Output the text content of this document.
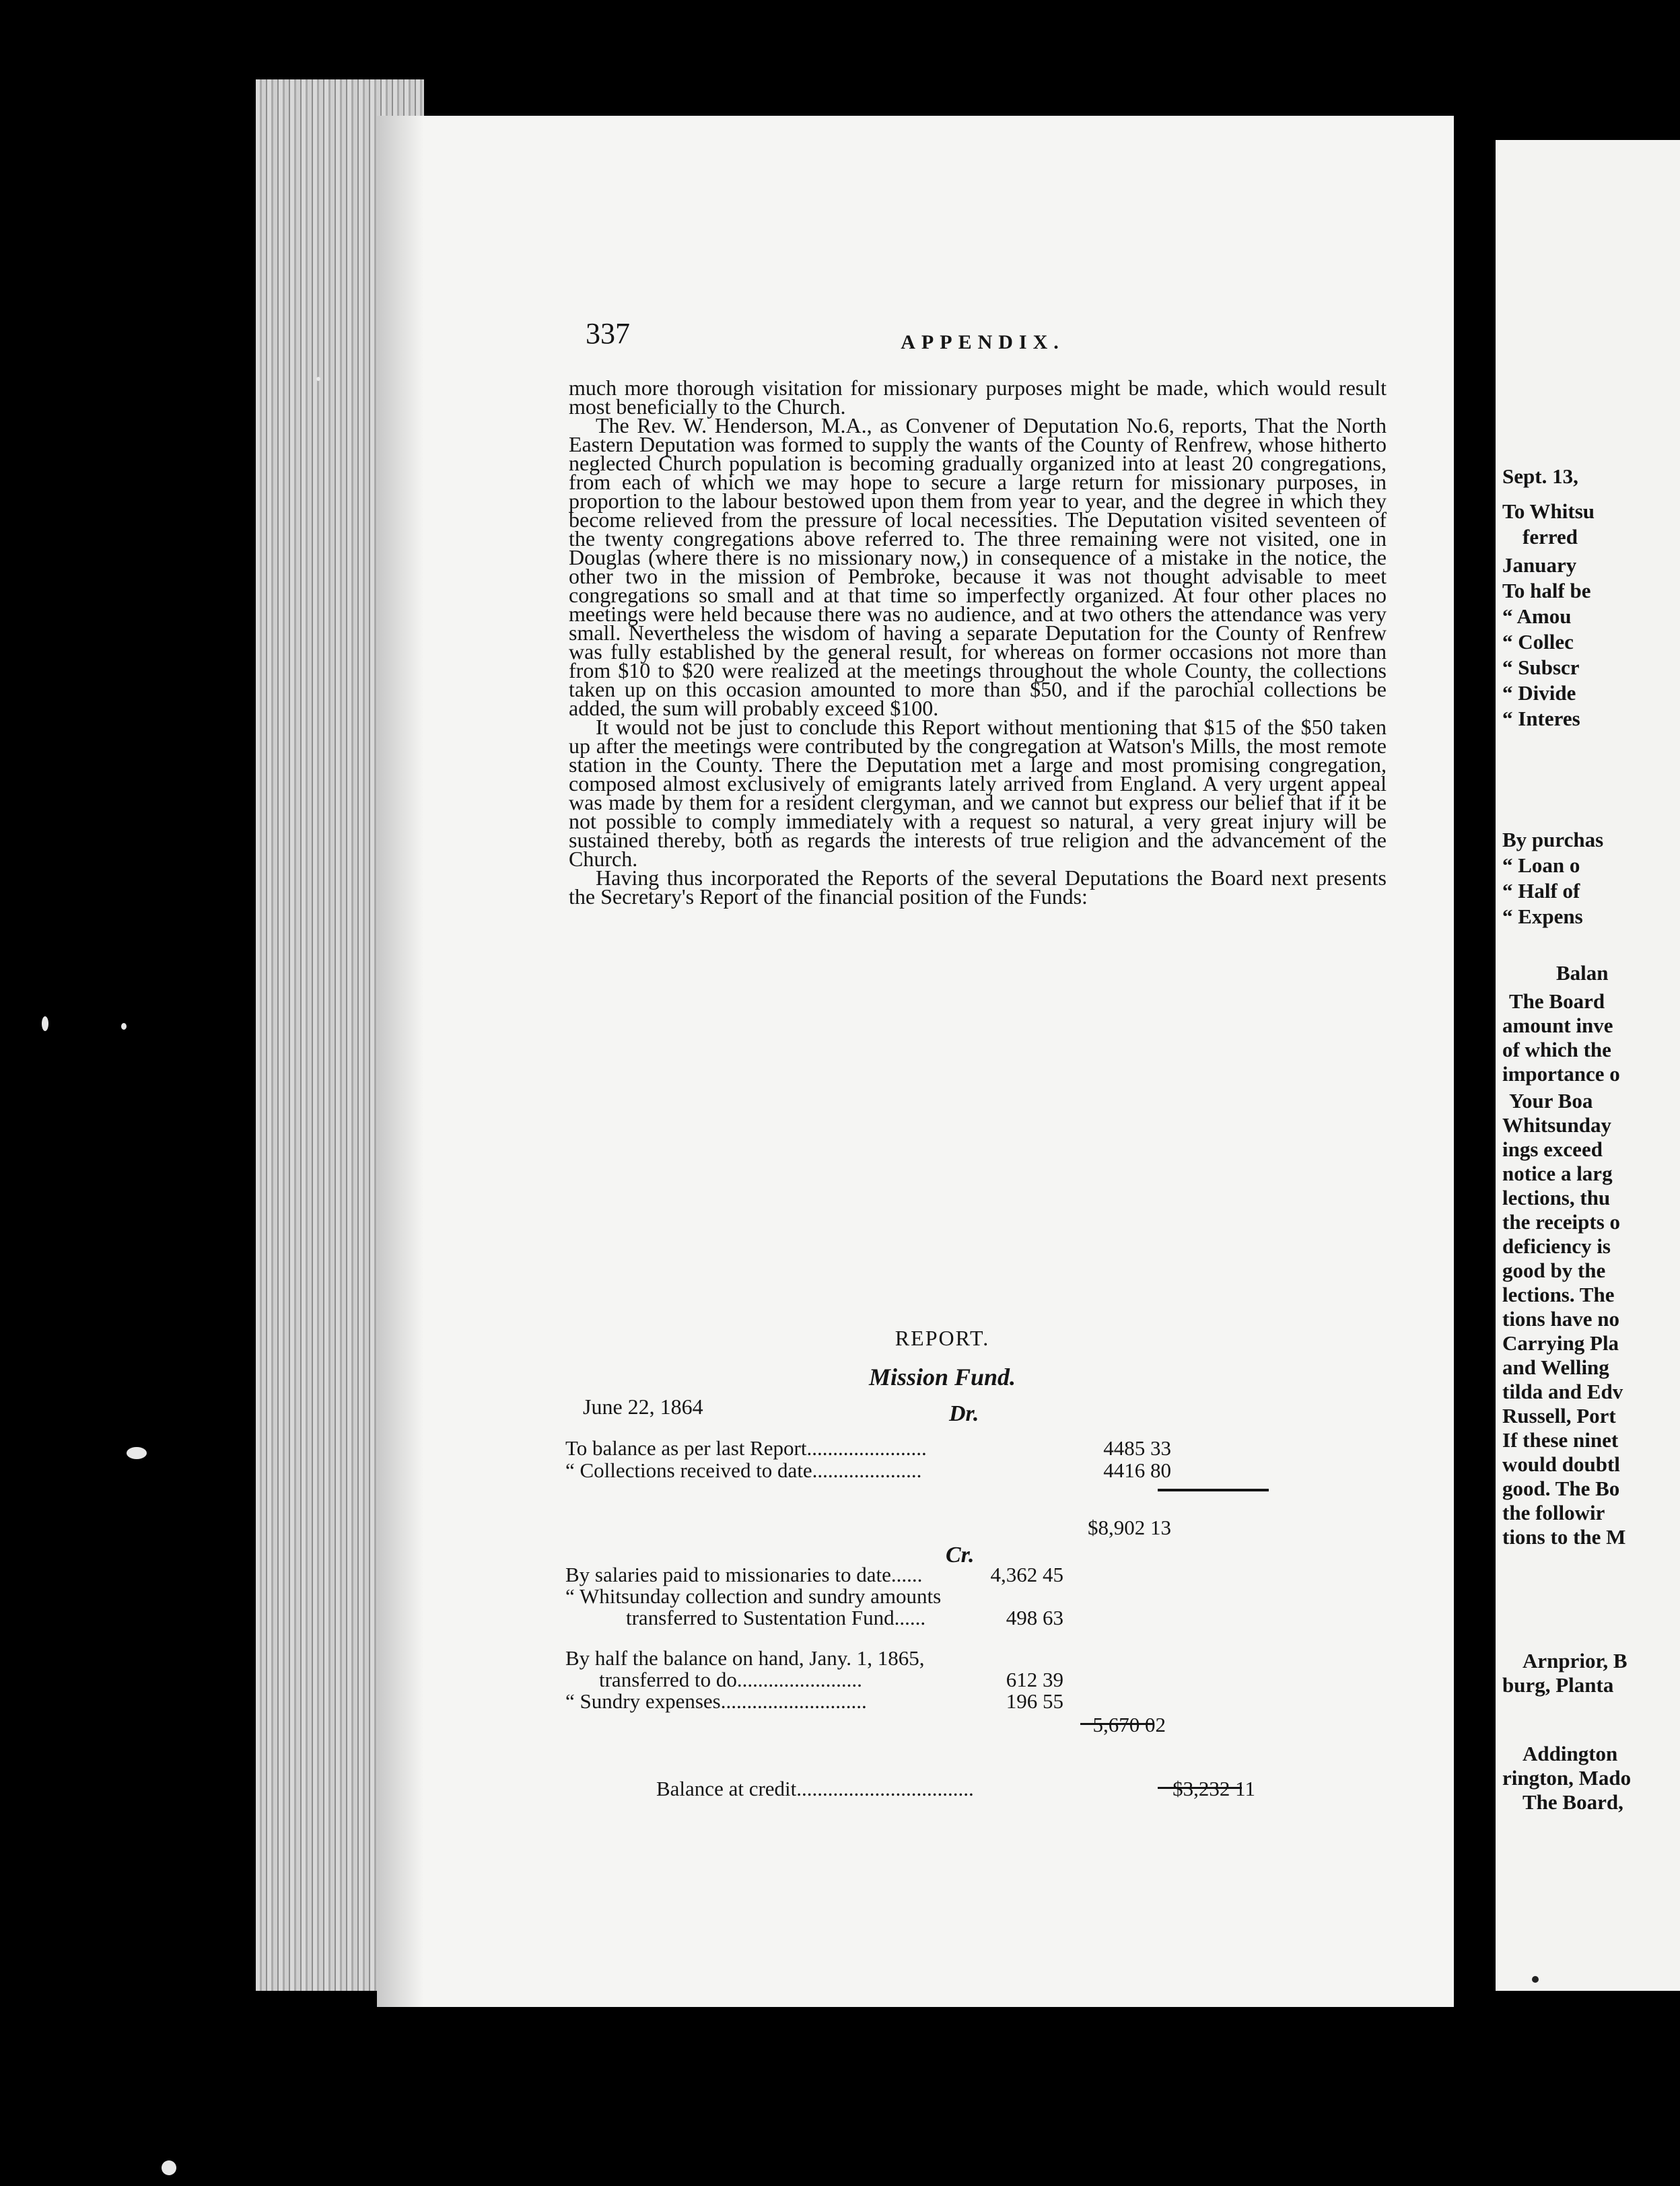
337	APPENDIX.

much more thorough visitation for missionary purposes might be made, which would result most beneficially to the Church.

The Rev. W. Henderson, M.A., as Convener of Deputation No.6, reports, That the North Eastern Deputation was formed to supply the wants of the County of Renfrew, whose hitherto neglected Church population is becoming gradually organized into at least 20 congregations, from each of which we may hope to secure a large return for missionary purposes, in proportion to the labour bestowed upon them from year to year, and the degree in which they become relieved from the pressure of local necessities. The Deputation visited seventeen of the twenty congregations above referred to. The three remaining were not visited, one in Douglas (where there is no missionary now,) in consequence of a mistake in the notice, the other two in the mission of Pembroke, because it was not thought advisable to meet congregations so small and at that time so imperfectly organized. At four other places no meetings were held because there was no audience, and at two others the attendance was very small. Nevertheless the wisdom of having a separate Deputation for the County of Renfrew was fully established by the general result, for whereas on former occasions not more than from $10 to $20 were realized at the meetings throughout the whole County, the collections taken up on this occasion amounted to more than $50, and if the parochial collections be added, the sum will probably exceed $100.

It would not be just to conclude this Report without mentioning that $15 of the $50 taken up after the meetings were contributed by the congregation at Watson's Mills, the most remote station in the County. There the Deputation met a large and most promising congregation, composed almost exclusively of emigrants lately arrived from England. A very urgent appeal was made by them for a resident clergyman, and we cannot but express our belief that if it be not possible to comply immediately with a request so natural, a very great injury will be sustained thereby, both as regards the interests of true religion and the advancement of the Church.

Having thus incorporated the Reports of the several Deputations the Board next presents the Secretary's Report of the financial position of the Funds:

REPORT.
Mission Fund.
June 22, 1864	Dr.
To balance as per last Report.......................	4485 33
“ Collections received to date.....................	4416 80
$8,902 13
Cr.
By salaries paid to missionaries to date......	4,362 45
“ Whitsunday collection and sundry amounts
transferred to Sustentation Fund......	498 63
By half the balance on hand, Jany. 1, 1865,
transferred to do........................	612 39
“ Sundry expenses............................	196 55
5,670 02
Balance at credit..................................	$3,232 11
Sept. 13,
To Whitsu
ferred
January
To half be
“ Amou
“ Collec
“ Subscr
“ Divide
“ Interes
By purchas
“ Loan o
“ Half of
“ Expens
Balan
The Board
amount inve
of which the
importance o
Your Boa
Whitsunday
ings exceed
notice a larg
lections, thu
the receipts o
deficiency is
good by the
lections. The
tions have no
Carrying Pla
and Welling
tilda and Edv
Russell, Port
If these ninet
would doubtl
good. The Bo
the followir
tions to the M
Arnprior, B
burg, Planta
Addington
rington, Mado
The Board,
